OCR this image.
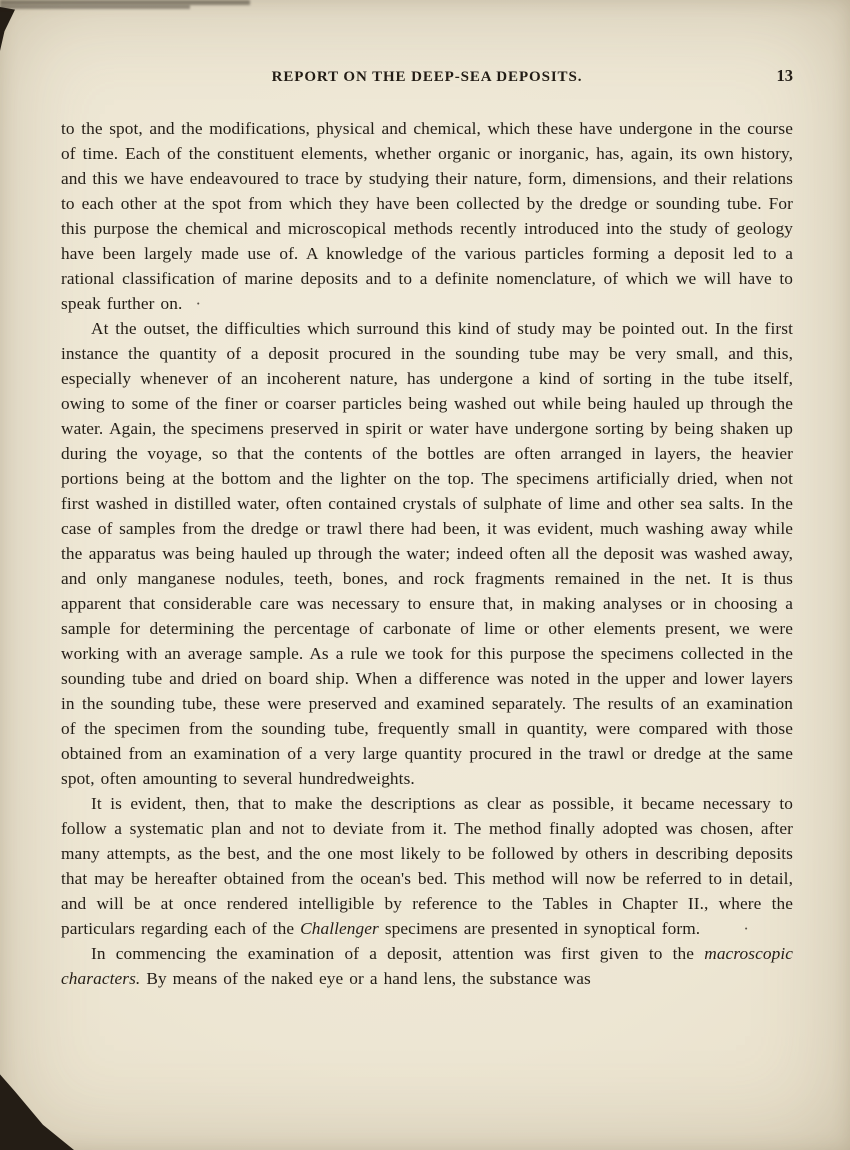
REPORT ON THE DEEP-SEA DEPOSITS.	13

to the spot, and the modifications, physical and chemical, which these have undergone in the course of time. Each of the constituent elements, whether organic or inorganic, has, again, its own history, and this we have endeavoured to trace by studying their nature, form, dimensions, and their relations to each other at the spot from which they have been collected by the dredge or sounding tube. For this purpose the chemical and microscopical methods recently introduced into the study of geology have been largely made use of. A knowledge of the various particles forming a deposit led to a rational classification of marine deposits and to a definite nomenclature, of which we will have to speak further on. ·

At the outset, the difficulties which surround this kind of study may be pointed out. In the first instance the quantity of a deposit procured in the sounding tube may be very small, and this, especially whenever of an incoherent nature, has undergone a kind of sorting in the tube itself, owing to some of the finer or coarser particles being washed out while being hauled up through the water. Again, the specimens preserved in spirit or water have undergone sorting by being shaken up during the voyage, so that the contents of the bottles are often arranged in layers, the heavier portions being at the bottom and the lighter on the top. The specimens artificially dried, when not first washed in distilled water, often contained crystals of sulphate of lime and other sea salts. In the case of samples from the dredge or trawl there had been, it was evident, much washing away while the apparatus was being hauled up through the water; indeed often all the deposit was washed away, and only manganese nodules, teeth, bones, and rock fragments remained in the net. It is thus apparent that considerable care was necessary to ensure that, in making analyses or in choosing a sample for determining the percentage of carbonate of lime or other elements present, we were working with an average sample. As a rule we took for this purpose the specimens collected in the sounding tube and dried on board ship. When a difference was noted in the upper and lower layers in the sounding tube, these were preserved and examined separately. The results of an examination of the specimen from the sounding tube, frequently small in quantity, were compared with those obtained from an examination of a very large quantity procured in the trawl or dredge at the same spot, often amounting to several hundredweights.

It is evident, then, that to make the descriptions as clear as possible, it became necessary to follow a systematic plan and not to deviate from it. The method finally adopted was chosen, after many attempts, as the best, and the one most likely to be followed by others in describing deposits that may be hereafter obtained from the ocean's bed. This method will now be referred to in detail, and will be at once rendered intelligible by reference to the Tables in Chapter II., where the particulars regarding each of the Challenger specimens are presented in synoptical form. ·

In commencing the examination of a deposit, attention was first given to the macroscopic characters. By means of the naked eye or a hand lens, the substance was
